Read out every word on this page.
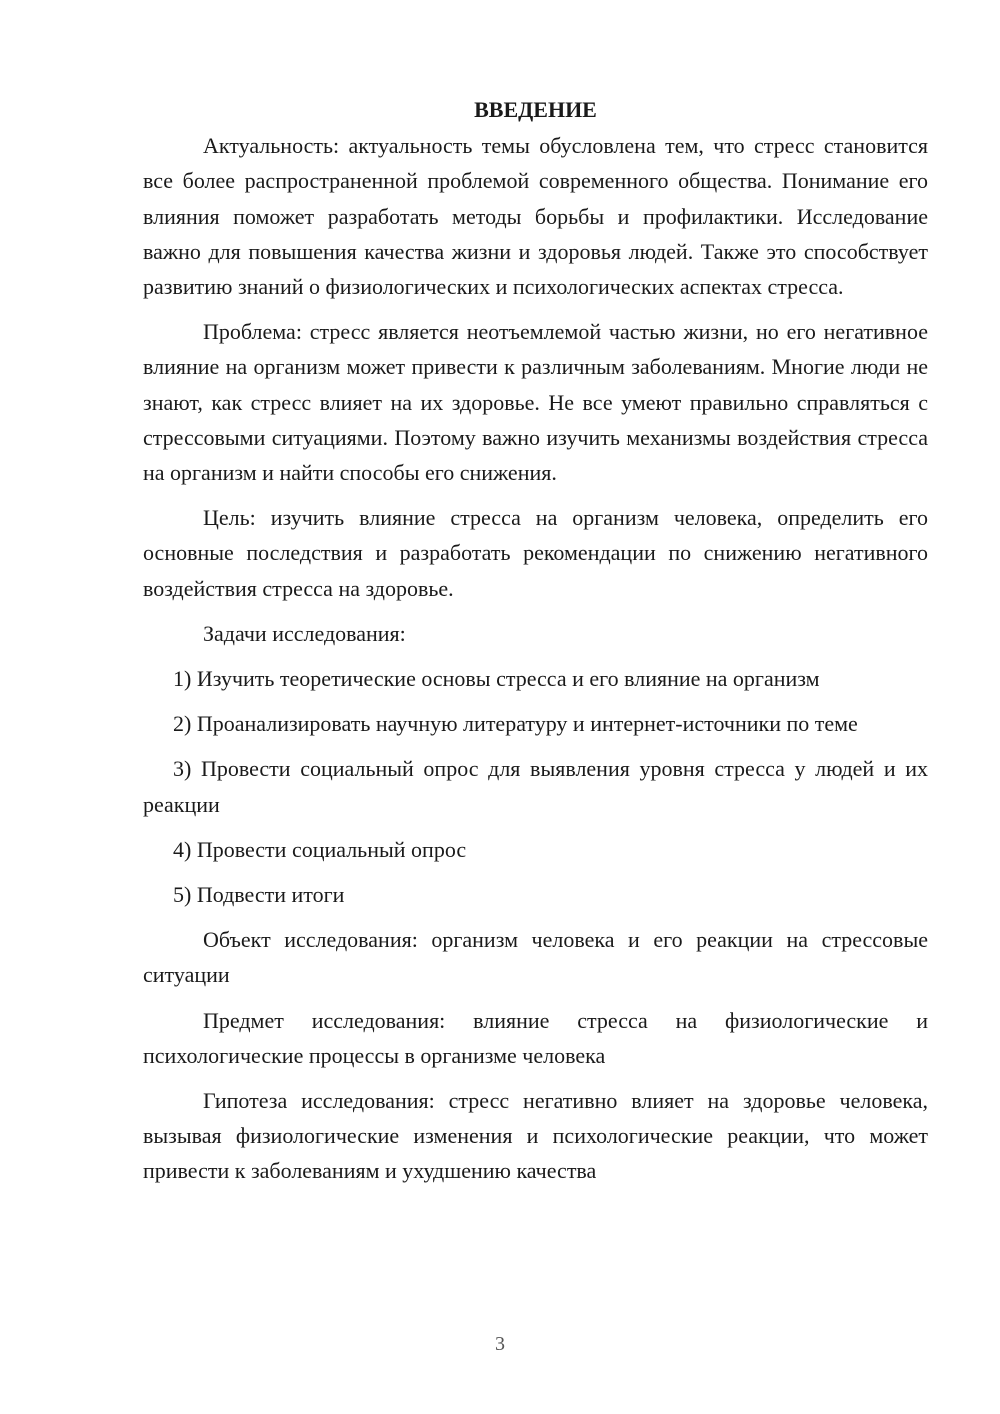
ВВЕДЕНИЕ

Актуальность: актуальность темы обусловлена тем, что стресс становится все более распространенной проблемой современного общества. Понимание его влияния поможет разработать методы борьбы и профилактики. Исследование важно для повышения качества жизни и здоровья людей. Также это способствует развитию знаний о физиологических и психологических аспектах стресса.

Проблема: стресс является неотъемлемой частью жизни, но его негативное влияние на организм может привести к различным заболеваниям. Многие люди не знают, как стресс влияет на их здоровье. Не все умеют правильно справляться с стрессовыми ситуациями. Поэтому важно изучить механизмы воздействия стресса на организм и найти способы его снижения.

Цель: изучить влияние стресса на организм человека, определить его основные последствия и разработать рекомендации по снижению негативного воздействия стресса на здоровье.

Задачи исследования:

1) Изучить теоретические основы стресса и его влияние на организм

2) Проанализировать научную литературу и интернет-источники по теме

3) Провести социальный опрос для выявления уровня стресса у людей и их реакции

4) Провести социальный опрос

5) Подвести итоги

Объект исследования: организм человека и его реакции на стрессовые ситуации

Предмет исследования: влияние стресса на физиологические и психологические процессы в организме человека

Гипотеза исследования: стресс негативно влияет на здоровье человека, вызывая физиологические изменения и психологические реакции, что может привести к заболеваниям и ухудшению качества

3
